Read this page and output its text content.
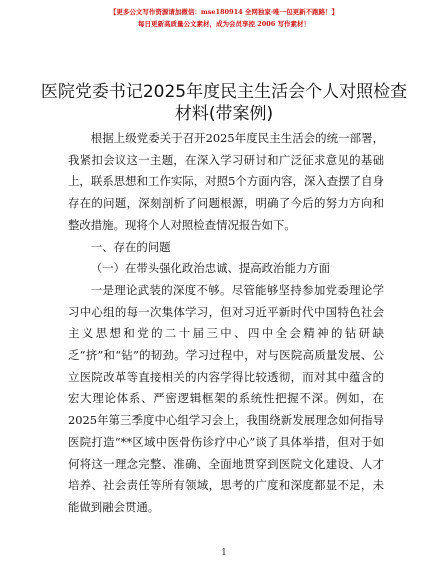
【更多公文写作资源请加微信：mse180914 全网独家·唯一包更新不跑路！】
每日更新高质量公文素材，成为会员享控 2006 写作素材！
医院党委书记2025年度民主生活会个人对照检查材料(带案例)

根据上级党委关于召开2025年度民主生活会的统一部署，我紧扣会议这一主题，在深入学习研讨和广泛征求意见的基础上，联系思想和工作实际，对照5个方面内容，深入查摆了自身存在的问题，深刻剖析了问题根源，明确了今后的努力方向和整改措施。现将个人对照检查情况报告如下。

一、存在的问题

（一）在带头强化政治忠诚、提高政治能力方面

一是理论武装的深度不够。尽管能够坚持参加党委理论学习中心组的每一次集体学习，但对习近平新时代中国特色社会主义思想和党的二十届三中、四中全会精神的钻研缺乏“挤”和“钻”的韧劲。学习过程中，对与医院高质量发展、公立医院改革等直接相关的内容学得比较透彻，而对其中蕴含的宏大理论体系、严密逻辑框架的系统性把握不深。例如，在2025年第三季度中心组学习会上，我围绕新发展理念如何指导医院打造“**区域中医骨伤诊疗中心”谈了具体举措，但对于如何将这一理念完整、准确、全面地贯穿到医院文化建设、人才培养、社会责任等所有领域，思考的广度和深度都显不足，未能做到融会贯通。

1
